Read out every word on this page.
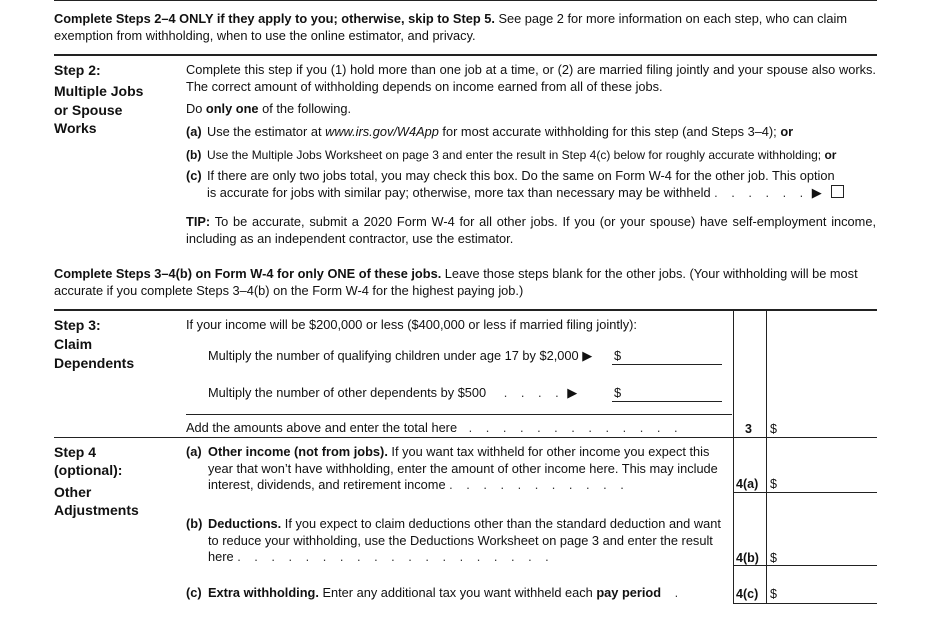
Complete Steps 2–4 ONLY if they apply to you; otherwise, skip to Step 5. See page 2 for more information on each step, who can claim exemption from withholding, when to use the online estimator, and privacy.
Step 2:
Multiple Jobs
or Spouse
Works
Complete this step if you (1) hold more than one job at a time, or (2) are married filing jointly and your spouse also works. The correct amount of withholding depends on income earned from all of these jobs.
Do only one of the following.
(a) Use the estimator at www.irs.gov/W4App for most accurate withholding for this step (and Steps 3–4); or
(b) Use the Multiple Jobs Worksheet on page 3 and enter the result in Step 4(c) below for roughly accurate withholding; or
(c) If there are only two jobs total, you may check this box. Do the same on Form W-4 for the other job. This option
is accurate for jobs with similar pay; otherwise, more tax than necessary may be withheld . . . . . . ▶
TIP: To be accurate, submit a 2020 Form W-4 for all other jobs. If you (or your spouse) have self-employment income, including as an independent contractor, use the estimator.
Complete Steps 3–4(b) on Form W-4 for only ONE of these jobs. Leave those steps blank for the other jobs. (Your withholding will be most accurate if you complete Steps 3–4(b) on the Form W-4 for the highest paying job.)
Step 3:
Claim
Dependents
If your income will be $200,000 or less ($400,000 or less if married filing jointly):
Multiply the number of qualifying children under age 17 by $2,000 ▶ $
Multiply the number of other dependents by $500 . . . . ▶	$
Add the amounts above and enter the total here . . . . . . . . . . . . .	3 $
Step 4
(optional):
Other
Adjustments
(a) Other income (not from jobs). If you want tax withheld for other income you expect this year that won’t have withholding, enter the amount of other income here. This may include interest, dividends, and retirement income . . . . . . . . . . .	4(a) $
(b) Deductions. If you expect to claim deductions other than the standard deduction and want to reduce your withholding, use the Deductions Worksheet on page 3 and enter the result here . . . . . . . . . . . . . . . . . . .	4(b) $
(c) Extra withholding. Enter any additional tax you want withheld each pay period .	4(c) $
